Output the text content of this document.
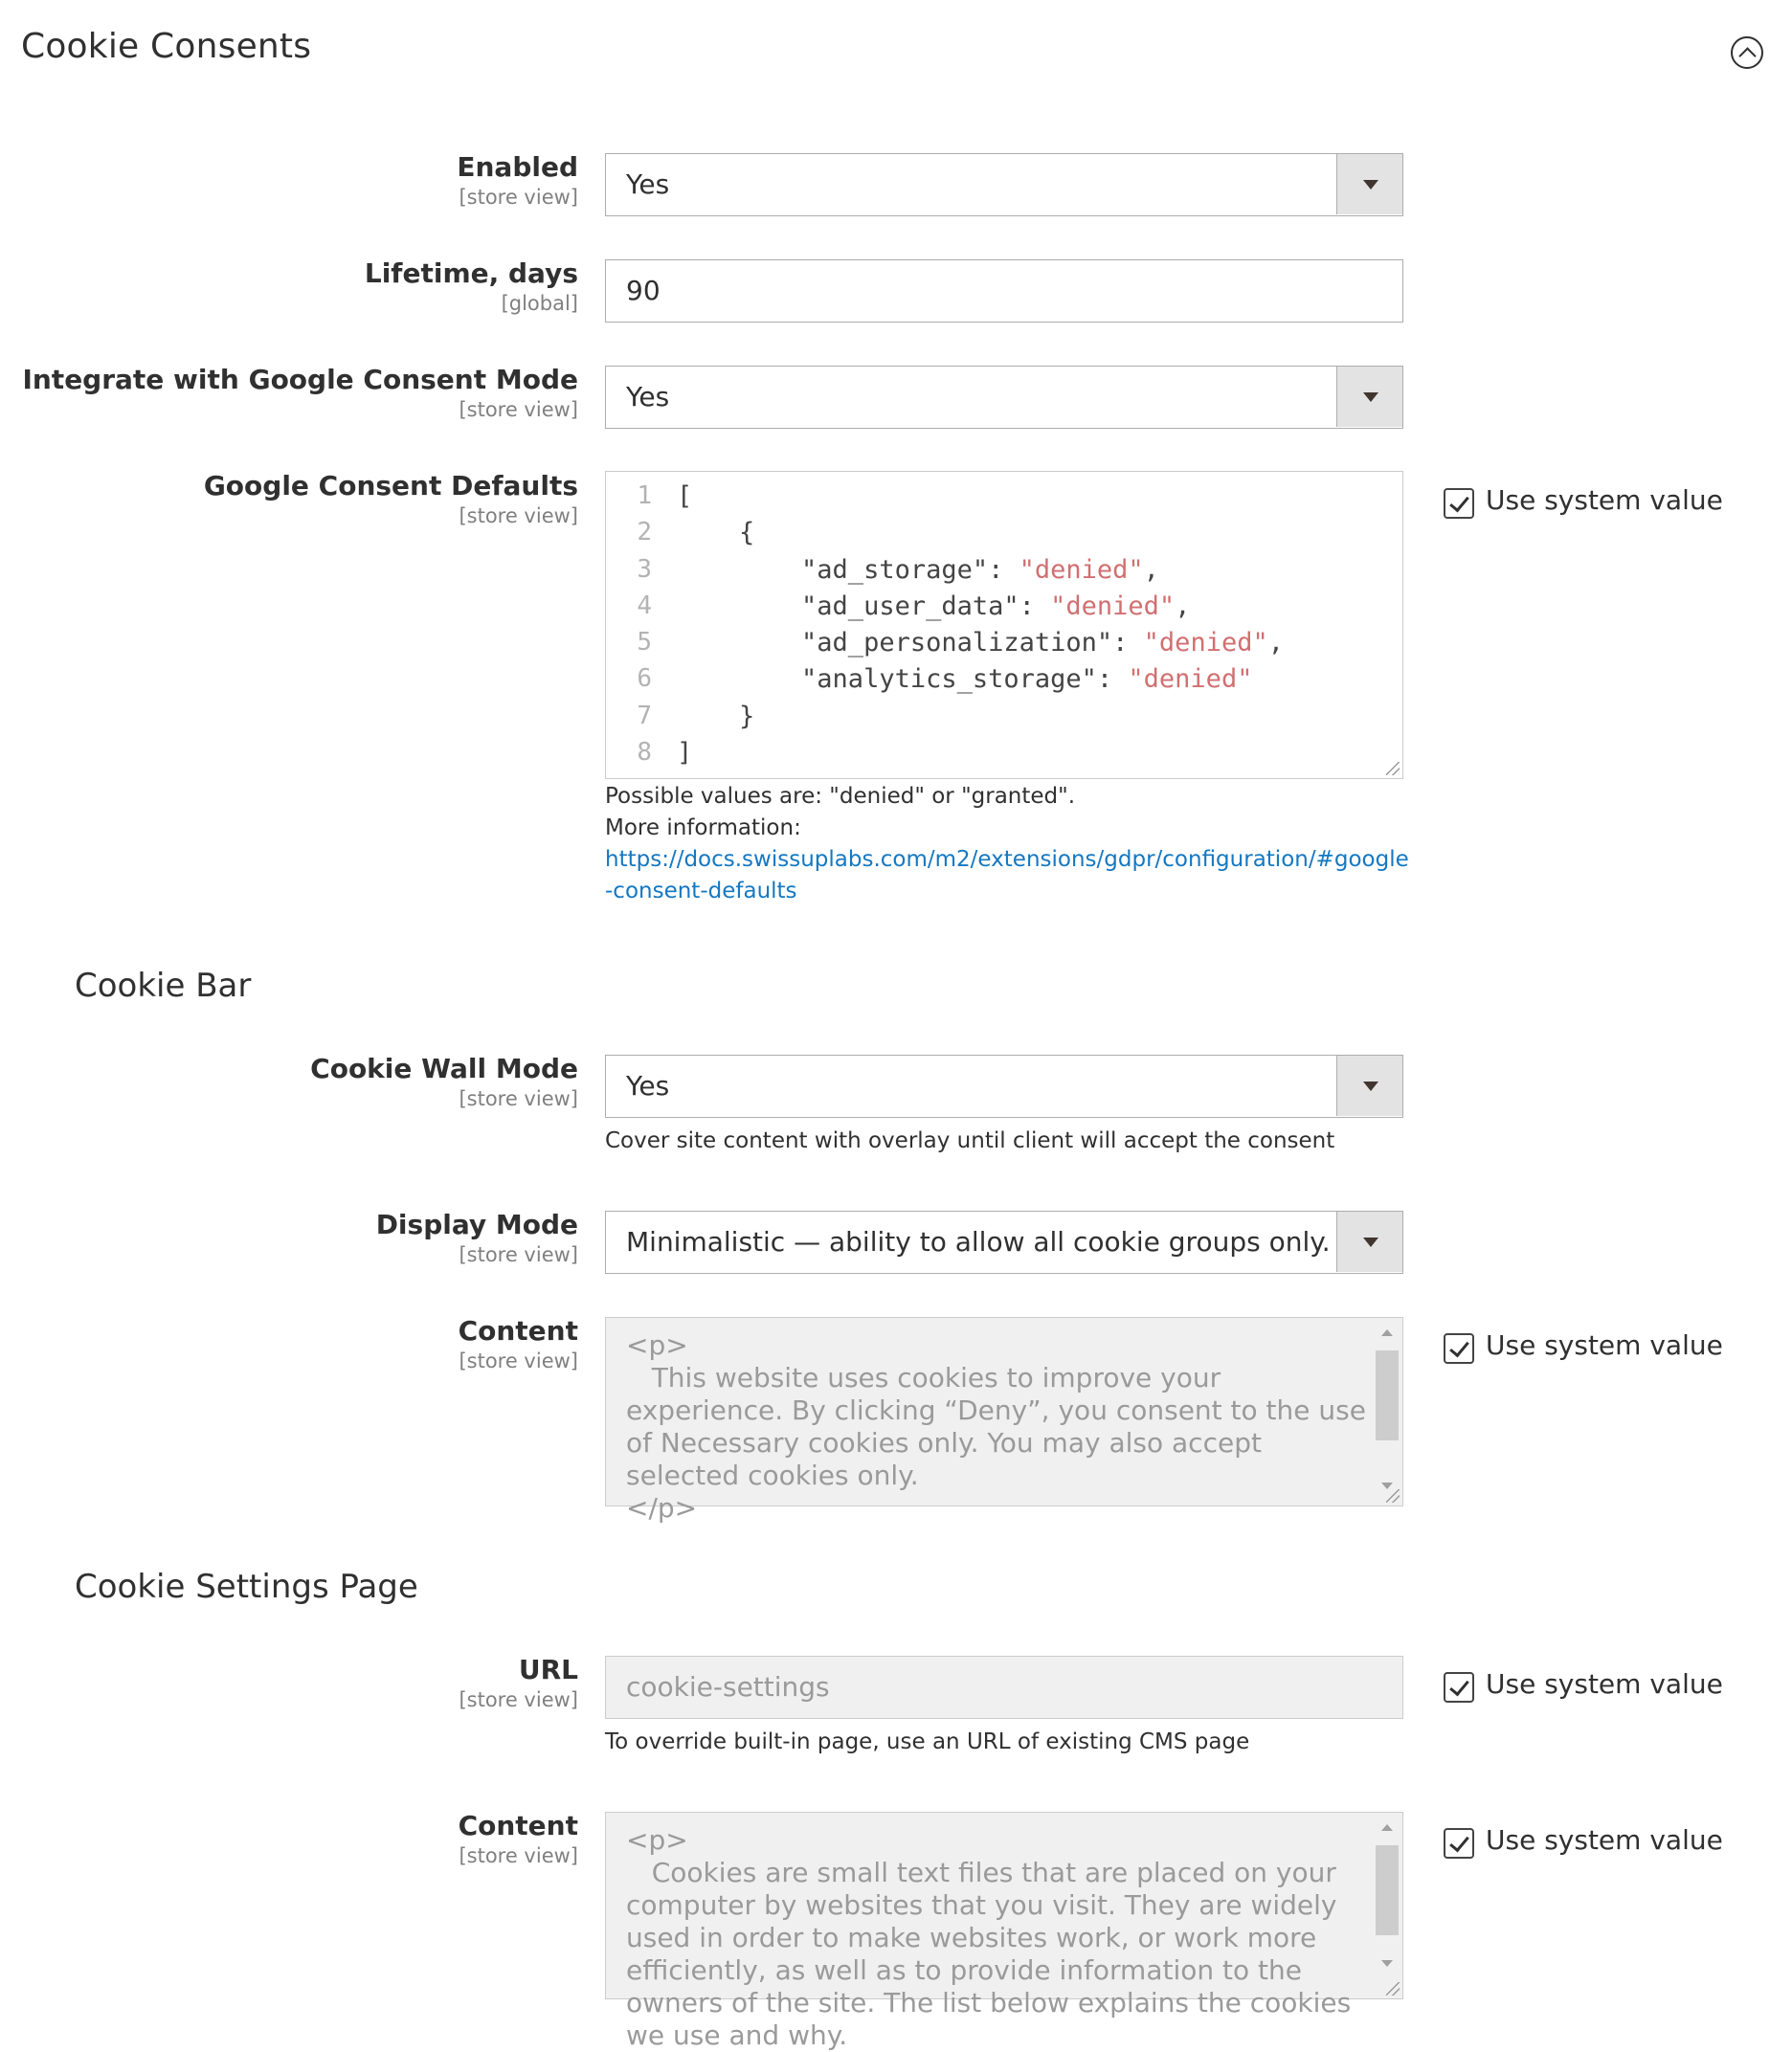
Cookie Consents
Enabled
[store view] Yes
Lifetime, days
[global] 90
Integrate with Google Consent Mode
[store view] Yes
Google Consent Defaults
[store view]
1
2
3
4
5
6
7
8
[
{
"ad_storage": "denied",
"ad_user_data": "denied",
"ad_personalization": "denied",
"analytics_storage": "denied"
}
]
Use system value
Possible values are: "denied" or "granted".
More information:
https://docs.swissuplabs.com/m2/extensions/gdpr/configuration/#google-consent-defaults
Cookie Bar
Cookie Wall Mode
[store view] Yes
Cover site content with overlay until client will accept the consent
Display Mode
[store view] Minimalistic — ability to allow all cookie groups only.
Content
[store view] <p>
This website uses cookies to improve your experience. By clicking “Deny”, you consent to the use of Necessary cookies only. You may also accept selected cookies only.
</p>
Use system value
Cookie Settings Page
URL
[store view] cookie-settings	Use system value
To override built-in page, use an URL of existing CMS page
Content
[store view] <p>
Cookies are small text files that are placed on your computer by websites that you visit. They are widely used in order to make websites work, or work more efficiently, as well as to provide information to the owners of the site. The list below explains the cookies we use and why.
Use system value
